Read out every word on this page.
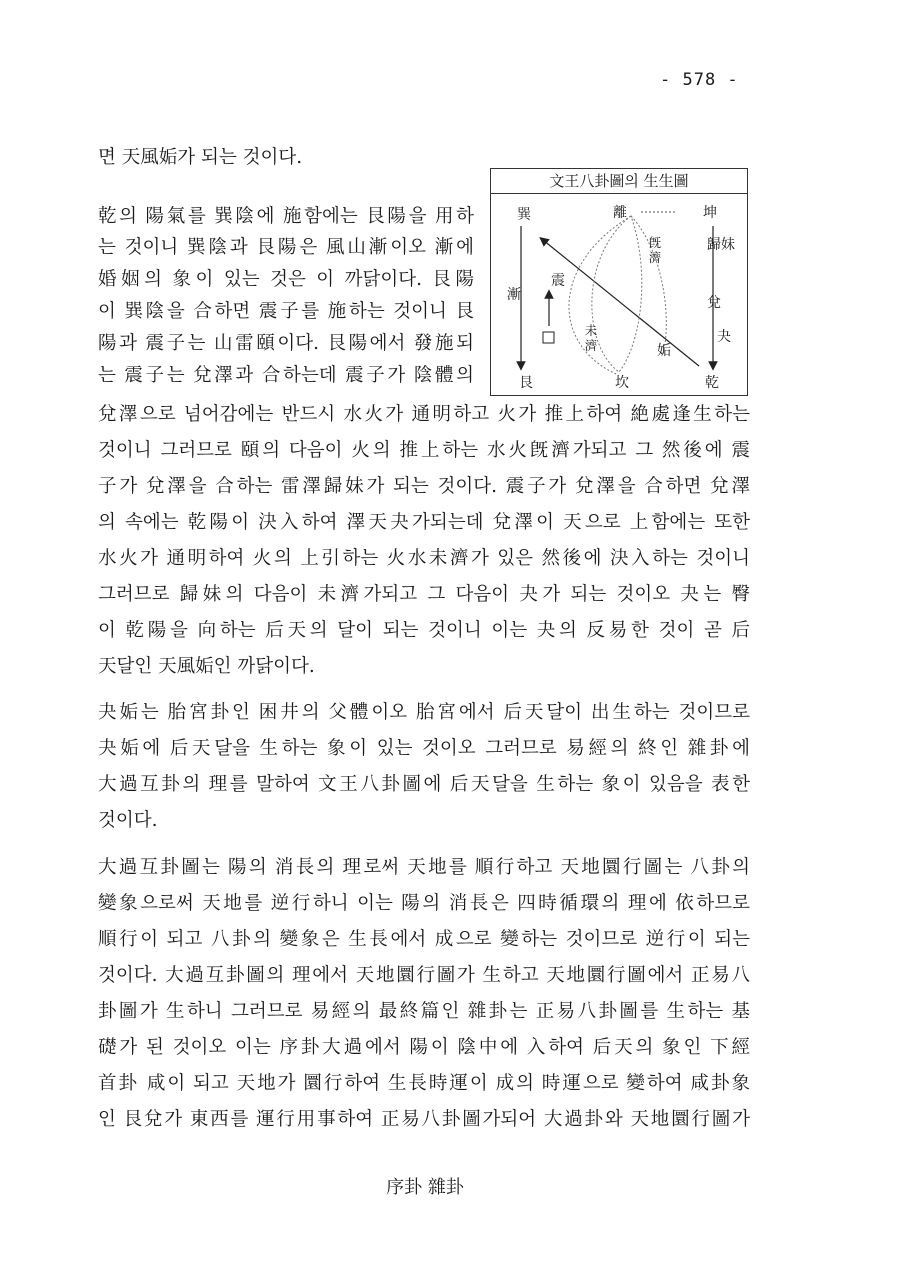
- 578 -
면 天風姤가 되는 것이다.
乾의 陽氣를 巽陰에 施함에는 艮陽을 用하
는 것이니 巽陰과 艮陽은 風山漸이오 漸에
婚姻의 象이 있는 것은 이 까닭이다. 艮陽
이 巽陰을 合하면 震子를 施하는 것이니 艮
陽과 震子는 山雷頤이다. 艮陽에서 發施되
는 震子는 兌澤과 合하는데 震子가 陰體의
兌澤으로 넘어감에는 반드시 水火가 通明하고 火가 推上하여 絶處逢生하는
것이니 그러므로 頤의 다음이 火의 推上하는 水火旣濟가되고 그 然後에 震
子가 兌澤을 合하는 雷澤歸妹가 되는 것이다. 震子가 兌澤을 合하면 兌澤
의 속에는 乾陽이 決入하여 澤天夬가되는데 兌澤이 天으로 上함에는 또한
水火가 通明하여 火의 上引하는 火水未濟가 있은 然後에 決入하는 것이니
그러므로 歸妹의 다음이 未濟가되고 그 다음이 夬가 되는 것이오 夬는 臀
이 乾陽을 向하는 后天의 달이 되는 것이니 이는 夬의 反易한 것이 곧 后
天달인 天風姤인 까닭이다.
夬姤는 胎宮卦인 困井의 父體이오 胎宮에서 后天달이 出生하는 것이므로
夬姤에 后天달을 生하는 象이 있는 것이오 그러므로 易經의 終인 雜卦에
大過互卦의 理를 말하여 文王八卦圖에 后天달을 生하는 象이 있음을 表한
것이다.
大過互卦圖는 陽의 消長의 理로써 天地를 順行하고 天地圜行圖는 八卦의
變象으로써 天地를 逆行하니 이는 陽의 消長은 四時循環의 理에 依하므로
順行이 되고 八卦의 變象은 生長에서 成으로 變하는 것이므로 逆行이 되는
것이다. 大過互卦圖의 理에서 天地圜行圖가 生하고 天地圜行圖에서 正易八
卦圖가 生하니 그러므로 易經의 最終篇인 雜卦는 正易八卦圖를 生하는 基
礎가 된 것이오 이는 序卦大過에서 陽이 陰中에 入하여 后天의 象인 下經
首卦 咸이 되고 天地가 圜行하여 生長時運이 成의 時運으로 變하여 咸卦象
인 艮兌가 東西를 運行用事하여 正易八卦圖가되어 大過卦와 天地圜行圖가
文王八卦圖의 生生圖
巽	離	坤
歸妹
旣濟
震
漸	兌
未濟
夬
姤
艮	坎	乾
序卦 雜卦
